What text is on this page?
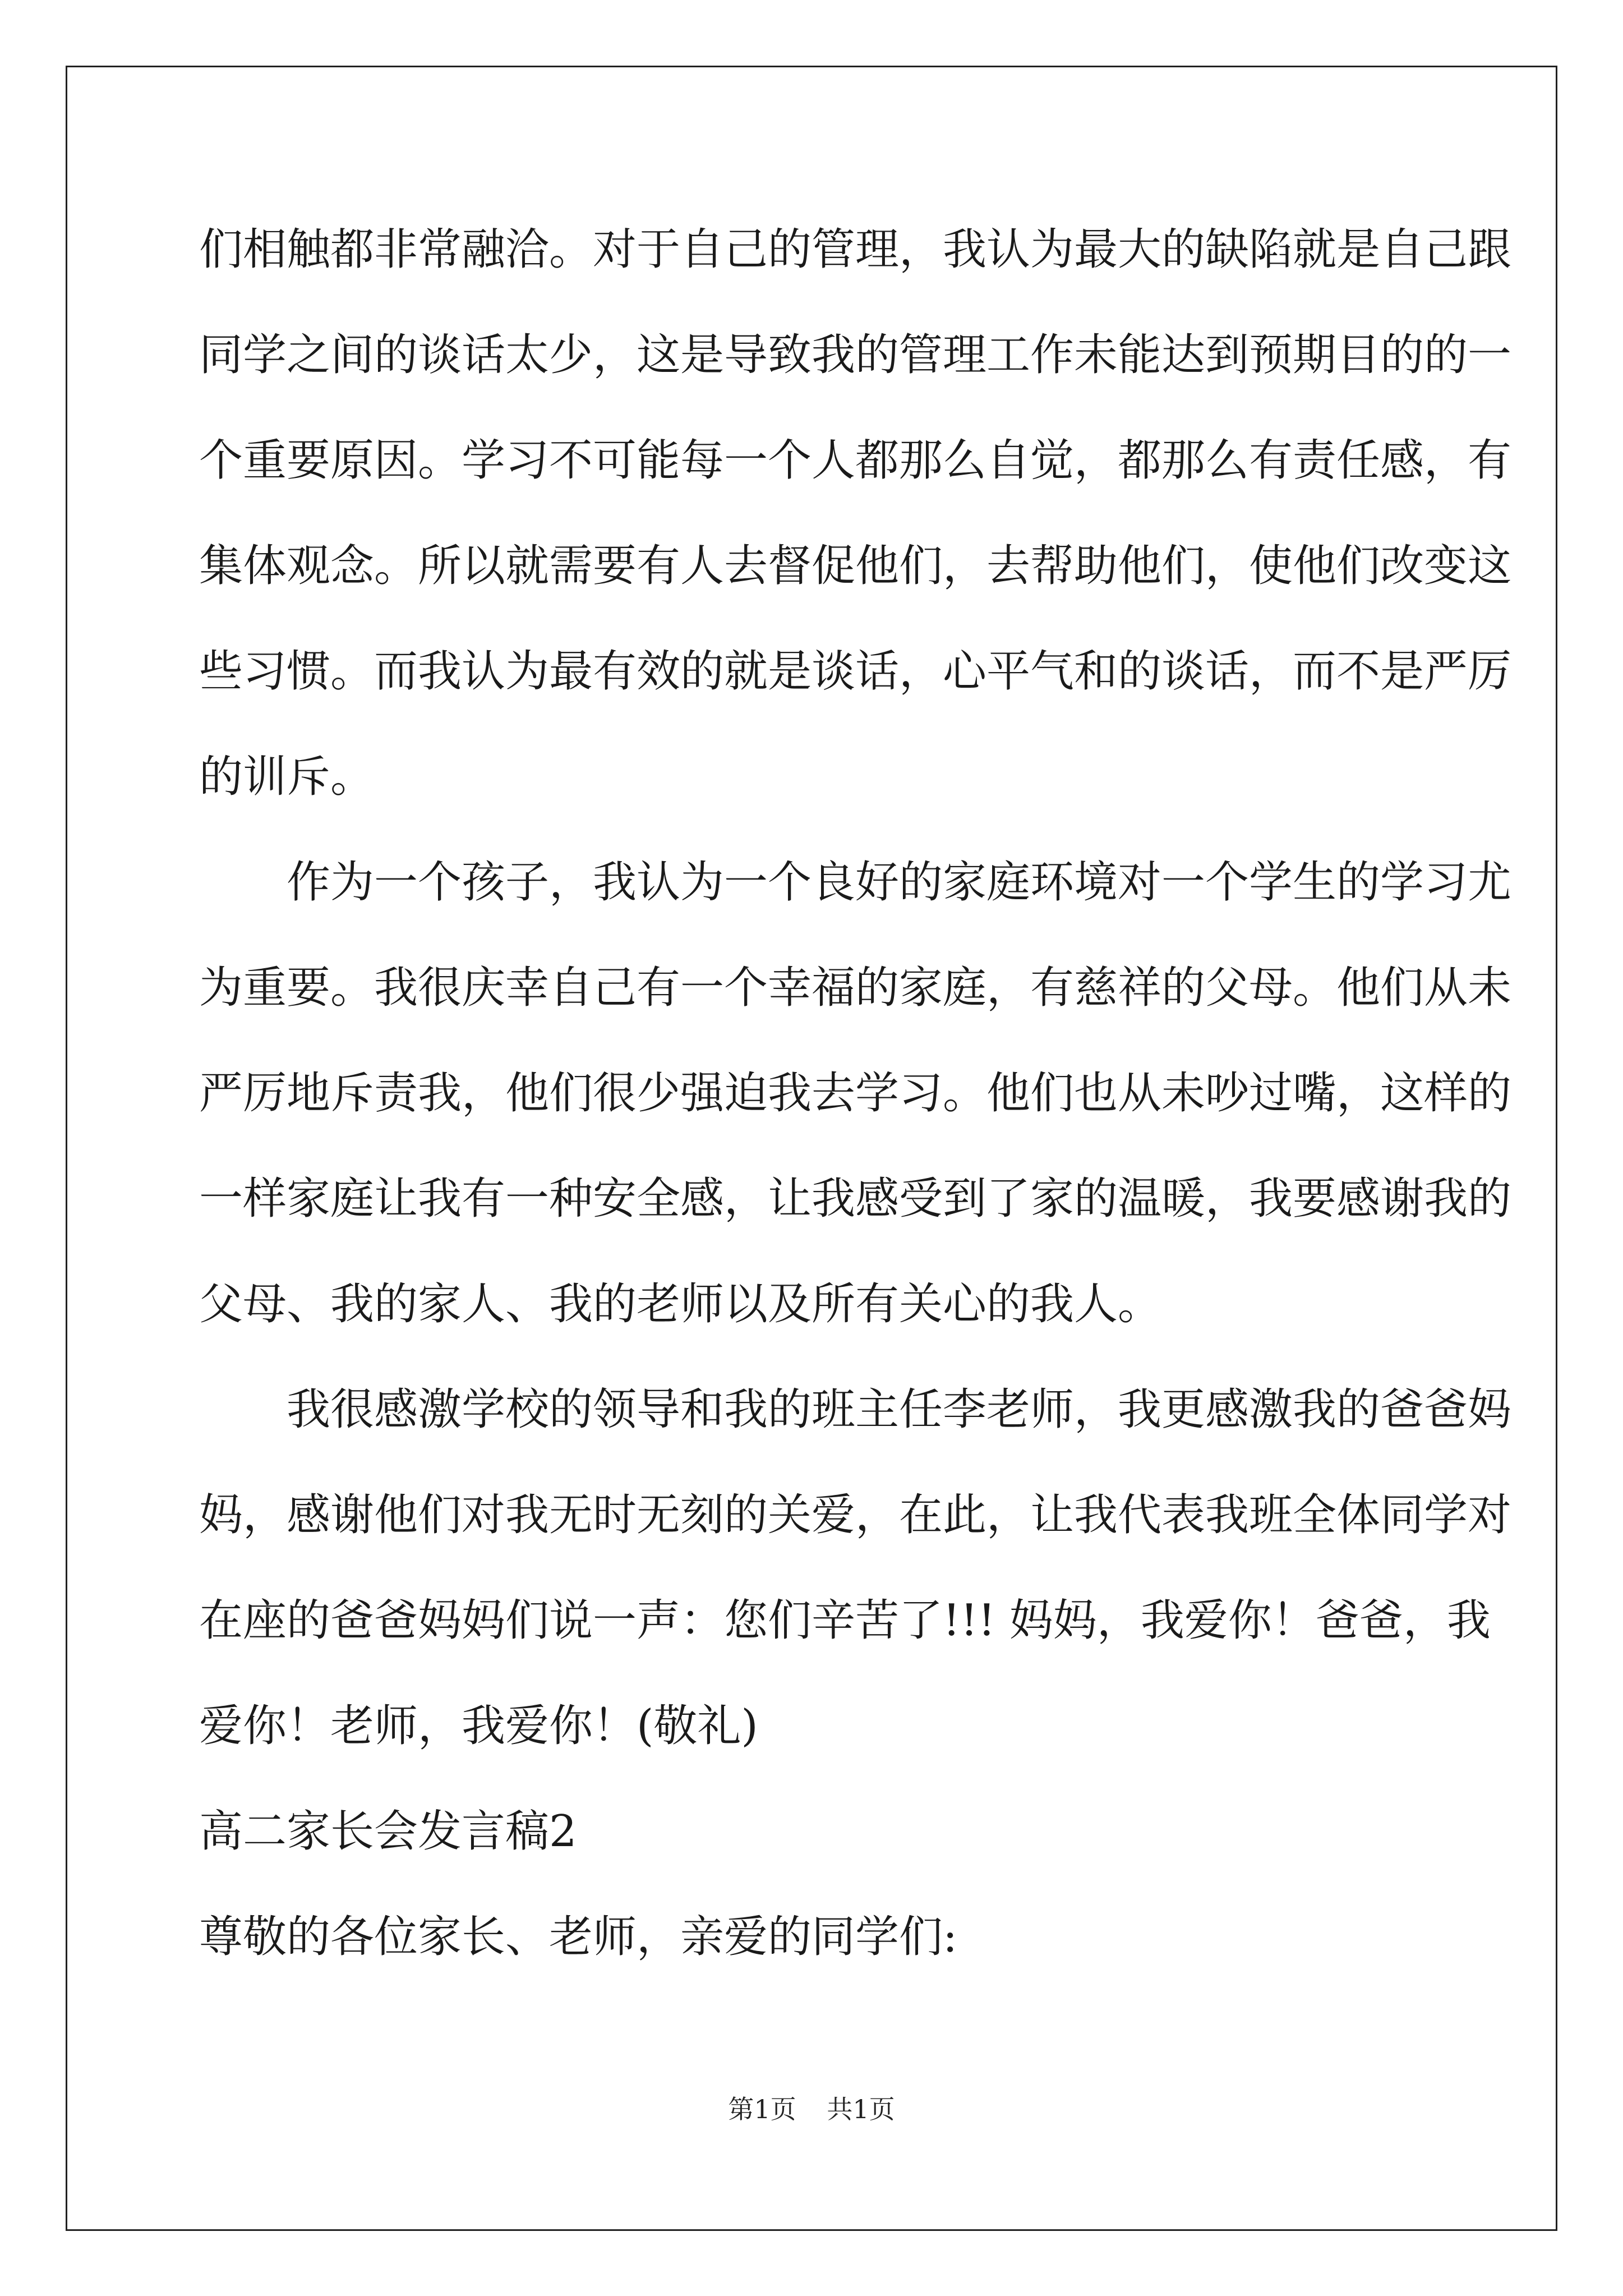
们相触都非常融洽。对于自己的管理，我认为最大的缺陷就是自己跟
同学之间的谈话太少，这是导致我的管理工作未能达到预期目的的一
个重要原因。学习不可能每一个人都那么自觉，都那么有责任感，有
集体观念。所以就需要有人去督促他们，去帮助他们，使他们改变这
些习惯。而我认为最有效的就是谈话，心平气和的谈话，而不是严厉
的训斥。
作为一个孩子，我认为一个良好的家庭环境对一个学生的学习尤
为重要。我很庆幸自己有一个幸福的家庭，有慈祥的父母。他们从未
严厉地斥责我，他们很少强迫我去学习。他们也从未吵过嘴，这样的
一样家庭让我有一种安全感，让我感受到了家的温暖，我要感谢我的
父母、我的家人、我的老师以及所有关心的我人。
我很感激学校的领导和我的班主任李老师，我更感激我的爸爸妈
妈，感谢他们对我无时无刻的关爱，在此，让我代表我班全体同学对
在座的爸爸妈妈们说一声：您们辛苦了!!! 妈妈，我爱你！爸爸，我
爱你！老师，我爱你！(敬礼)
高二家长会发言稿2
尊敬的各位家长、老师，亲爱的同学们:
第1页 共1页
